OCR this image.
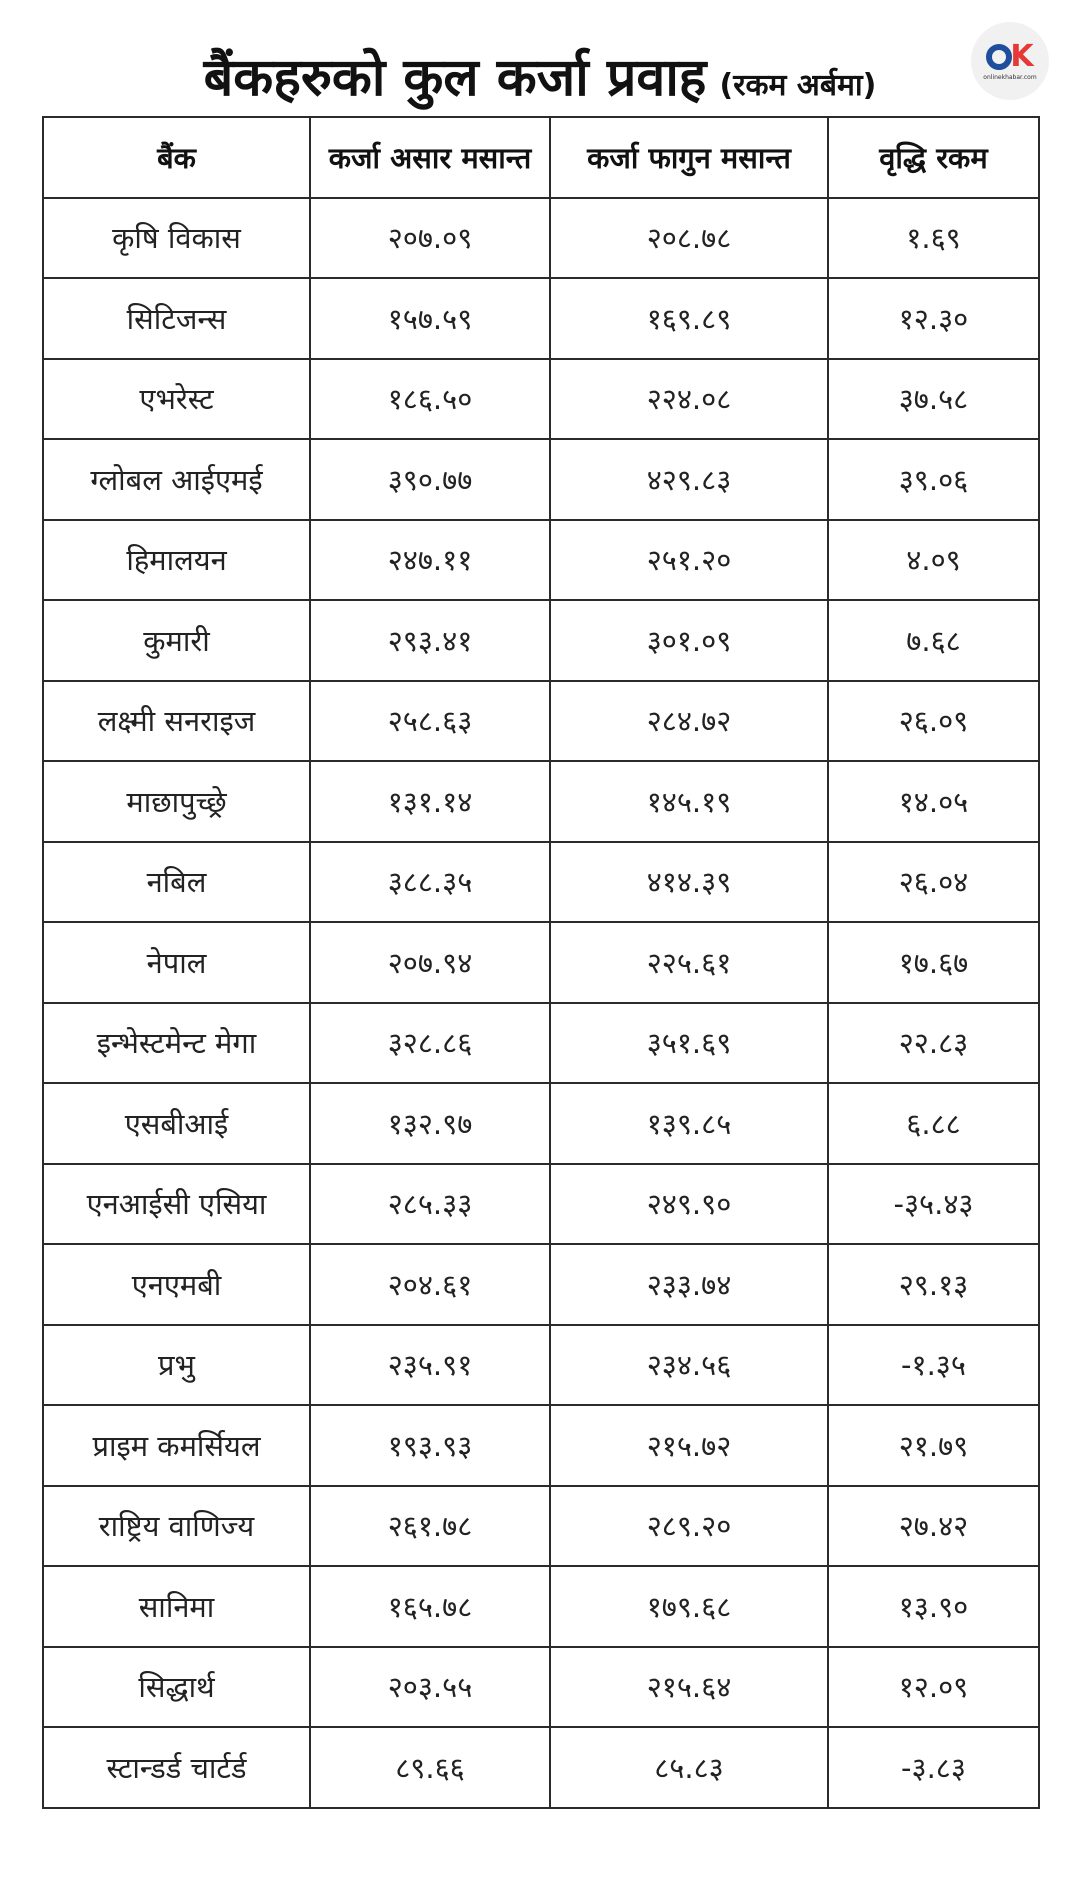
बैंकहरुको कुल कर्जा प्रवाह (रकम अर्बमा)
K
onlinekhabar.com
बैंक	कर्जा असार मसान्त	कर्जा फागुन मसान्त	वृद्धि रकम
कृषि विकास	२०७.०९	२०८.७८	१.६९
सिटिजन्स	१५७.५९	१६९.८९	१२.३०
एभरेस्ट	१८६.५०	२२४.०८	३७.५८
ग्लोबल आईएमई	३९०.७७	४२९.८३	३९.०६
हिमालयन	२४७.११	२५१.२०	४.०९
कुमारी	२९३.४१	३०१.०९	७.६८
लक्ष्मी सनराइज	२५८.६३	२८४.७२	२६.०९
माछापुच्छ्रे	१३१.१४	१४५.१९	१४.०५
नबिल	३८८.३५	४१४.३९	२६.०४
नेपाल	२०७.९४	२२५.६१	१७.६७
इन्भेस्टमेन्ट मेगा	३२८.८६	३५१.६९	२२.८३
एसबीआई	१३२.९७	१३९.८५	६.८८
एनआईसी एसिया	२८५.३३	२४९.९०	-३५.४३
एनएमबी	२०४.६१	२३३.७४	२९.१३
प्रभु	२३५.९१	२३४.५६	-१.३५
प्राइम कमर्सियल	१९३.९३	२१५.७२	२१.७९
राष्ट्रिय वाणिज्य	२६१.७८	२८९.२०	२७.४२
सानिमा	१६५.७८	१७९.६८	१३.९०
सिद्धार्थ	२०३.५५	२१५.६४	१२.०९
स्टान्डर्ड चार्टर्ड	८९.६६	८५.८३	-३.८३
